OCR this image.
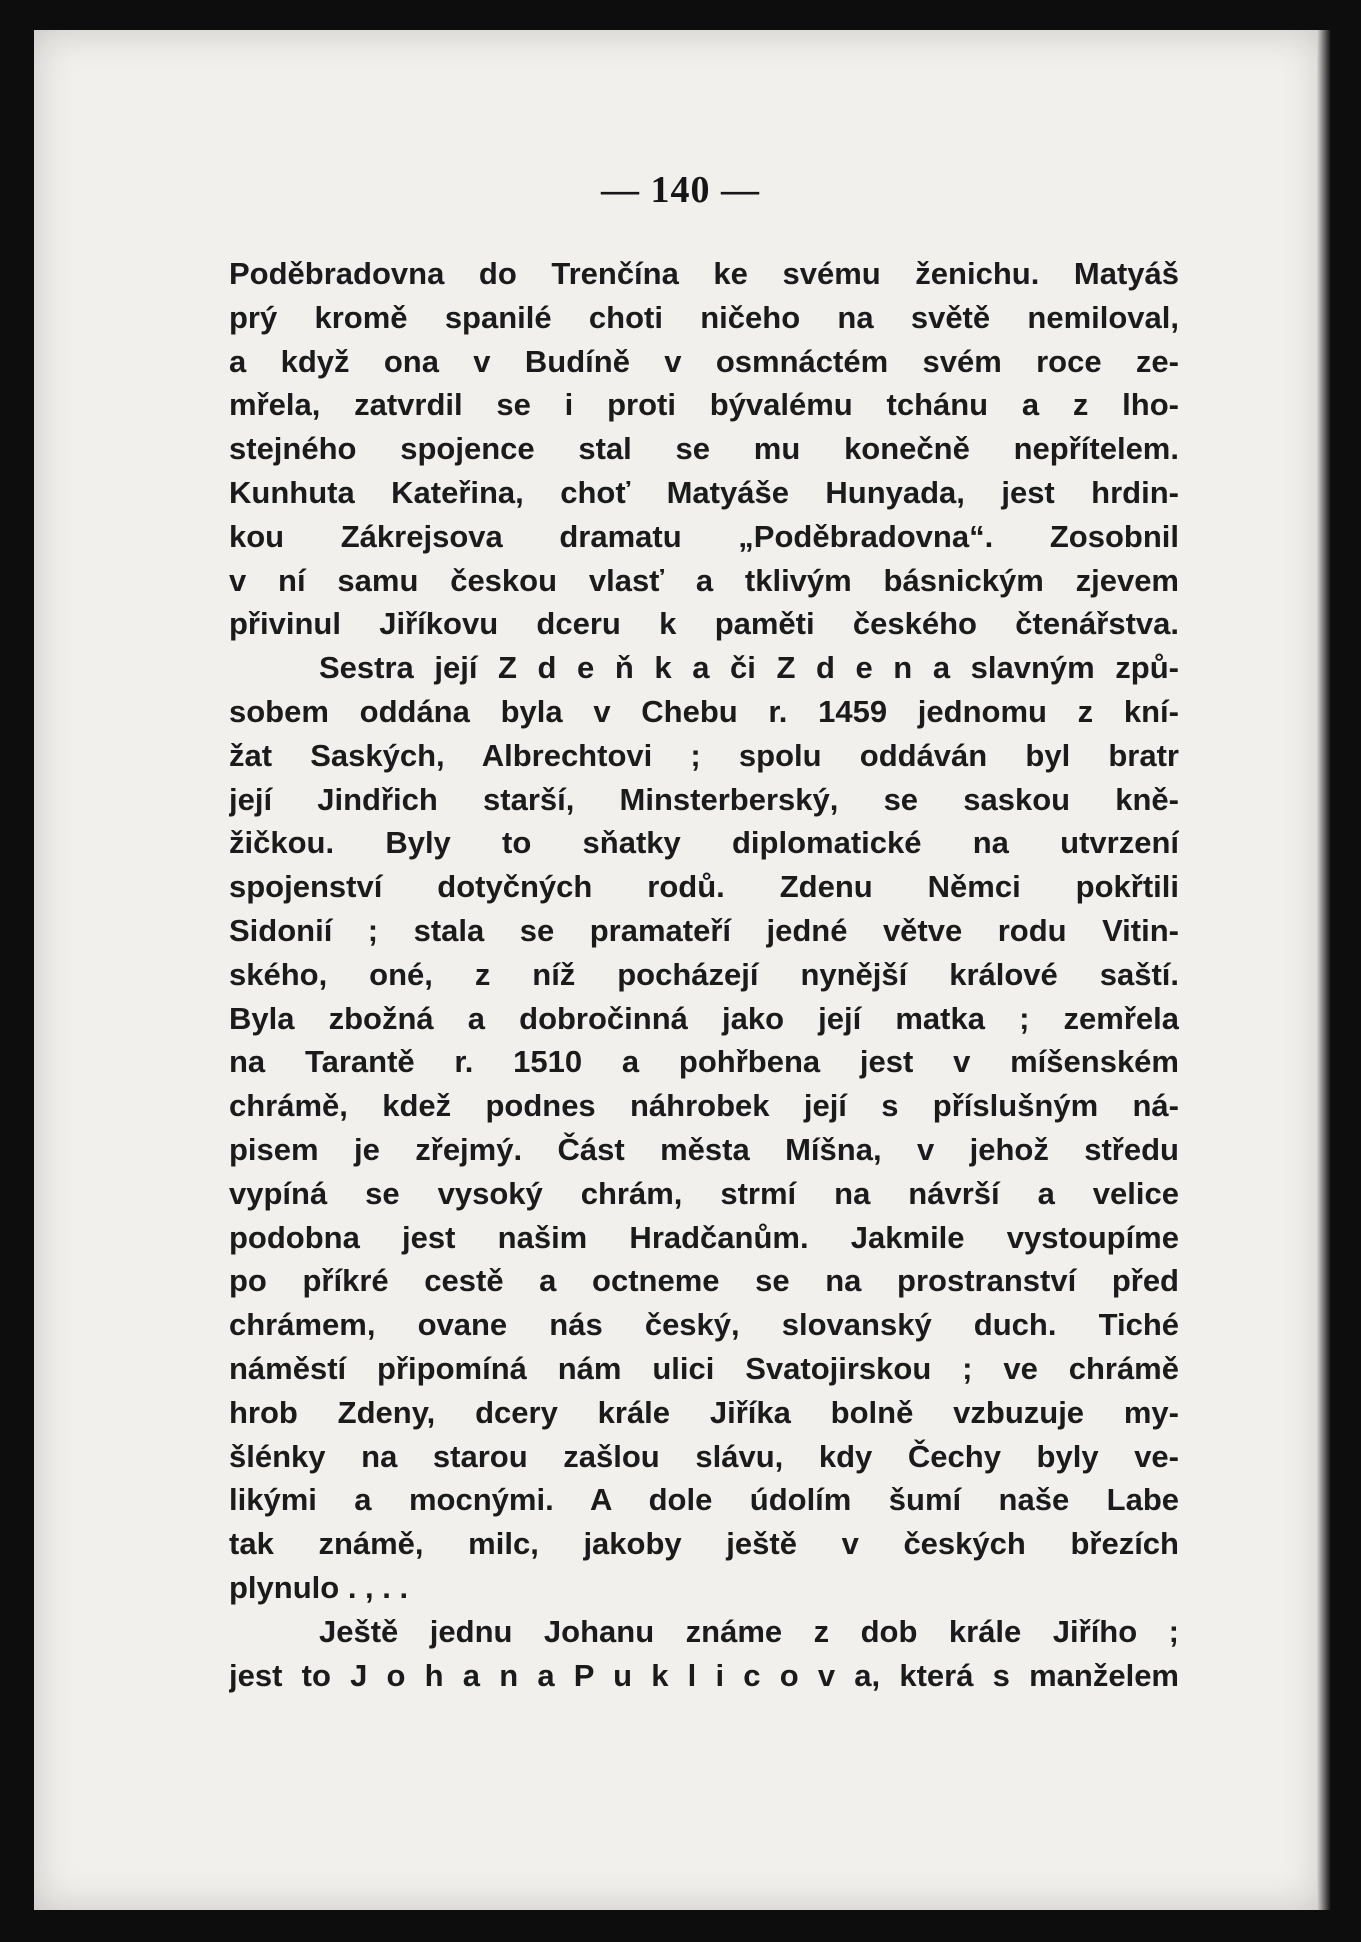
— 140 —
Poděbradovna do Trenčína ke svému ženichu. Matyáš
prý kromě spanilé choti ničeho na světě nemiloval,
a když ona v Budíně v osmnáctém svém roce ze-
mřela, zatvrdil se i proti bývalému tchánu a z lho-
stejného spojence stal se mu konečně nepřítelem.
Kunhuta Kateřina, choť Matyáše Hunyada, jest hrdin-
kou Zákrejsova dramatu „Poděbradovna“. Zosobnil
v ní samu českou vlasť a tklivým básnickým zjevem
přivinul Jiříkovu dceru k paměti českého čtenářstva.
Sestra její Z d e ň k a či Z d e n a slavným způ-
sobem oddána byla v Chebu r. 1459 jednomu z kní-
žat Saských, Albrechtovi ; spolu oddáván byl bratr
její Jindřich starší, Minsterberský, se saskou kně-
žičkou. Byly to sňatky diplomatické na utvrzení
spojenství dotyčných rodů. Zdenu Němci pokřtili
Sidonií ; stala se pramateří jedné větve rodu Vitin-
ského, oné, z níž pocházejí nynější králové saští.
Byla zbožná a dobročinná jako její matka ; zemřela
na Tarantě r. 1510 a pohřbena jest v míšenském
chrámě, kdež podnes náhrobek její s příslušným ná-
pisem je zřejmý. Část města Míšna, v jehož středu
vypíná se vysoký chrám, strmí na návrší a velice
podobna jest našim Hradčanům. Jakmile vystoupíme
po příkré cestě a octneme se na prostranství před
chrámem, ovane nás český, slovanský duch. Tiché
náměstí připomíná nám ulici Svatojirskou ; ve chrámě
hrob Zdeny, dcery krále Jiříka bolně vzbuzuje my-
šlénky na starou zašlou slávu, kdy Čechy byly ve-
likými a mocnými. A dole údolím šumí naše Labe
tak známě, milc, jakoby ještě v českých březích
plynulo . , . .
Ještě jednu Johanu známe z dob krále Jiřího ;
jest to J o h a n a P u k l i c o v a, která s manželem
